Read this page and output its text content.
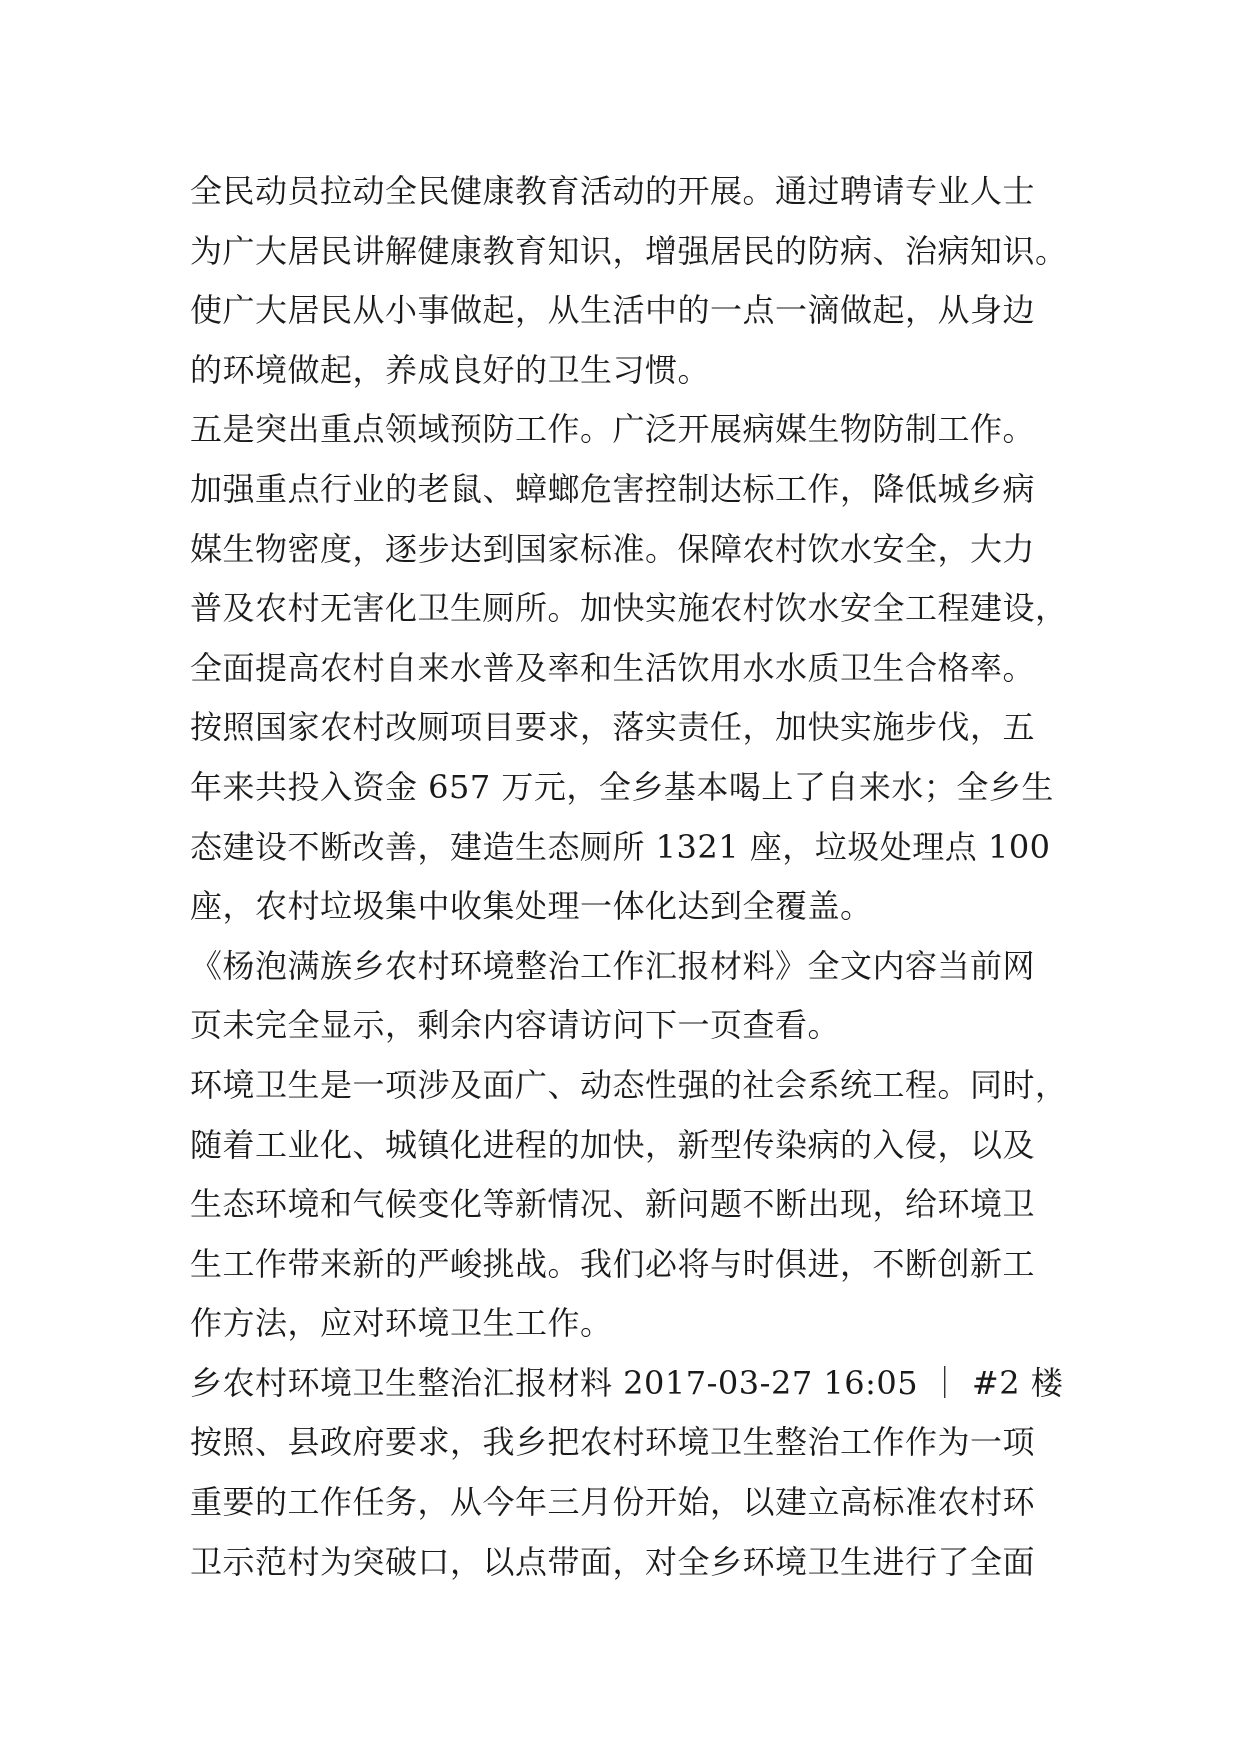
全民动员拉动全民健康教育活动的开展。通过聘请专业人士
为广大居民讲解健康教育知识，增强居民的防病、治病知识。
使广大居民从小事做起，从生活中的一点一滴做起，从身边
的环境做起，养成良好的卫生习惯。
五是突出重点领域预防工作。广泛开展病媒生物防制工作。
加强重点行业的老鼠、蟑螂危害控制达标工作，降低城乡病
媒生物密度，逐步达到国家标准。保障农村饮水安全，大力
普及农村无害化卫生厕所。加快实施农村饮水安全工程建设，
全面提高农村自来水普及率和生活饮用水水质卫生合格率。
按照国家农村改厕项目要求，落实责任，加快实施步伐，五
年来共投入资金 657 万元，全乡基本喝上了自来水；全乡生
态建设不断改善，建造生态厕所 1321 座，垃圾处理点 100
座，农村垃圾集中收集处理一体化达到全覆盖。
《杨泡满族乡农村环境整治工作汇报材料》全文内容当前网
页未完全显示，剩余内容请访问下一页查看。
环境卫生是一项涉及面广、动态性强的社会系统工程。同时，
随着工业化、城镇化进程的加快，新型传染病的入侵，以及
生态环境和气候变化等新情况、新问题不断出现，给环境卫
生工作带来新的严峻挑战。我们必将与时俱进，不断创新工
作方法，应对环境卫生工作。
乡农村环境卫生整治汇报材料 2017-03-27 16:05 ｜ #2 楼
按照、县政府要求，我乡把农村环境卫生整治工作作为一项
重要的工作任务，从今年三月份开始，以建立高标准农村环
卫示范村为突破口，以点带面，对全乡环境卫生进行了全面
